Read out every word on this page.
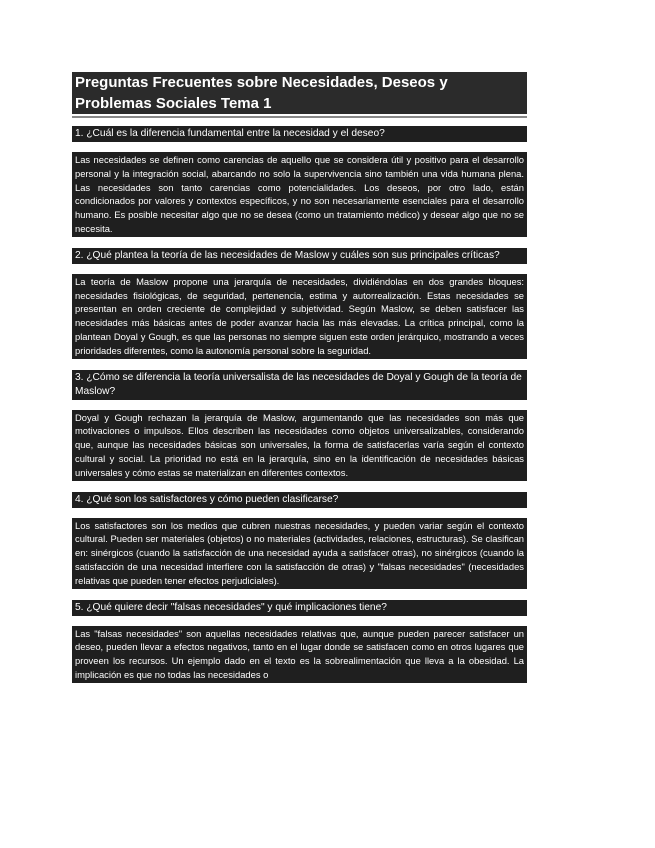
Preguntas Frecuentes sobre Necesidades, Deseos y
Problemas Sociales Tema 1
1. ¿Cuál es la diferencia fundamental entre la necesidad y el deseo?
Las necesidades se definen como carencias de aquello que se considera útil y positivo para el desarrollo personal y la integración social, abarcando no solo la supervivencia sino también una vida humana plena. Las necesidades son tanto carencias como potencialidades. Los deseos, por otro lado, están condicionados por valores y contextos específicos, y no son necesariamente esenciales para el desarrollo humano. Es posible necesitar algo que no se desea (como un tratamiento médico) y desear algo que no se necesita.
2. ¿Qué plantea la teoría de las necesidades de Maslow y cuáles son sus principales críticas?
La teoría de Maslow propone una jerarquía de necesidades, dividiéndolas en dos grandes bloques: necesidades fisiológicas, de seguridad, pertenencia, estima y autorrealización. Estas necesidades se presentan en orden creciente de complejidad y subjetividad. Según Maslow, se deben satisfacer las necesidades más básicas antes de poder avanzar hacia las más elevadas. La crítica principal, como la plantean Doyal y Gough, es que las personas no siempre siguen este orden jerárquico, mostrando a veces prioridades diferentes, como la autonomía personal sobre la seguridad.
3. ¿Cómo se diferencia la teoría universalista de las necesidades de Doyal y Gough de la teoría de Maslow?
Doyal y Gough rechazan la jerarquía de Maslow, argumentando que las necesidades son más que motivaciones o impulsos. Ellos describen las necesidades como objetos universalizables, considerando que, aunque las necesidades básicas son universales, la forma de satisfacerlas varía según el contexto cultural y social. La prioridad no está en la jerarquía, sino en la identificación de necesidades básicas universales y cómo estas se materializan en diferentes contextos.
4. ¿Qué son los satisfactores y cómo pueden clasificarse?
Los satisfactores son los medios que cubren nuestras necesidades, y pueden variar según el contexto cultural. Pueden ser materiales (objetos) o no materiales (actividades, relaciones, estructuras). Se clasifican en: sinérgicos (cuando la satisfacción de una necesidad ayuda a satisfacer otras), no sinérgicos (cuando la satisfacción de una necesidad interfiere con la satisfacción de otras) y "falsas necesidades" (necesidades relativas que pueden tener efectos perjudiciales).
5. ¿Qué quiere decir "falsas necesidades" y qué implicaciones tiene?
Las "falsas necesidades" son aquellas necesidades relativas que, aunque pueden parecer satisfacer un deseo, pueden llevar a efectos negativos, tanto en el lugar donde se satisfacen como en otros lugares que proveen los recursos. Un ejemplo dado en el texto es la sobrealimentación que lleva a la obesidad. La implicación es que no todas las necesidades o
